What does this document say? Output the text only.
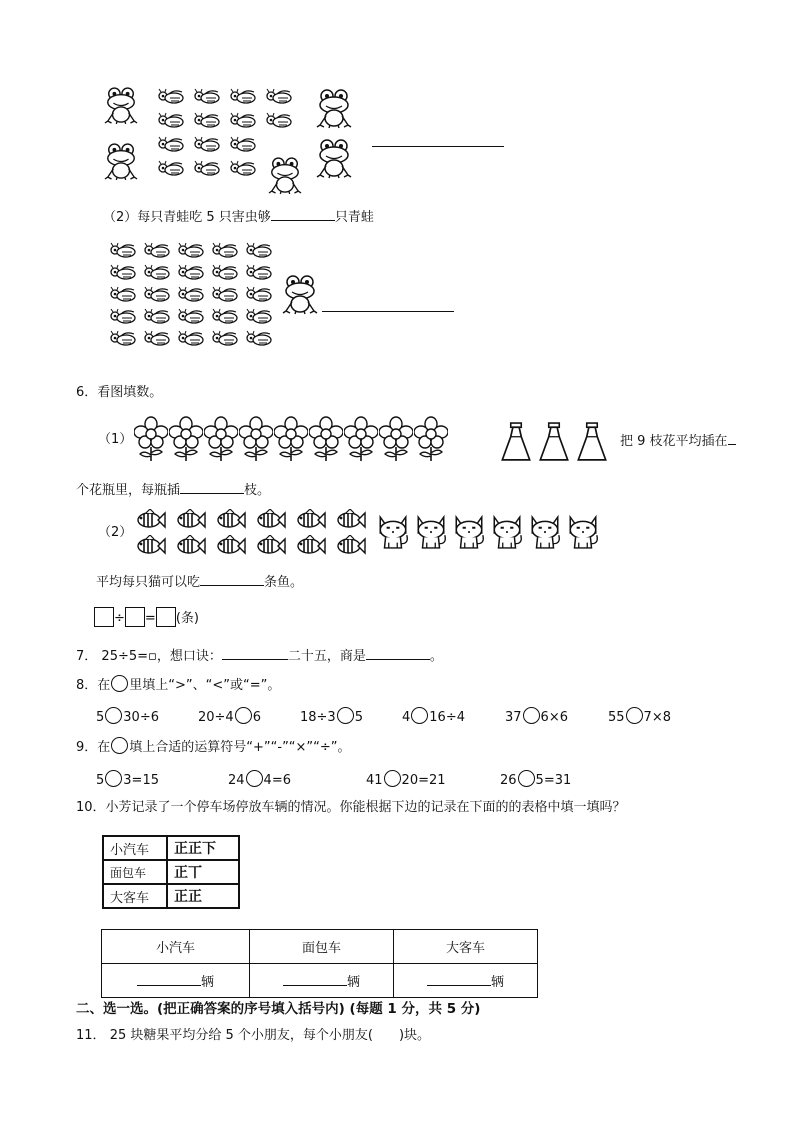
（2）每只青蛙吃 5 只害虫够	只青蛙
6．看图填数。
（1）	把 9 枝花平均插在
个花瓶里，每瓶插	枝。
（2）
平均每只猫可以吃	条鱼。
÷ = (条)
7． 25÷5=▫，想口诀：	二十五，商是	。
8．在 里填上“>”、“<”或“=”。
5 30÷6	20÷4 6	18÷3 5	4 16÷4	37 6×6	55 7×8
9．在 填上合适的运算符号“+”“-”“×”“÷”。
5 3=15	24 4=6	41 20=21	26 5=31
10．小芳记录了一个停车场停放车辆的情况。你能根据下边的记录在下面的的表格中填一填吗？
小汽车	正正下
面包车	正丅
大客车	正正
小汽车	面包车	大客车
辆	辆	辆
二、选一选。(把正确答案的序号填入括号内) (每题 1 分，共 5 分)
11． 25 块糖果平均分给 5 个小朋友，每个小朋友( )块。
